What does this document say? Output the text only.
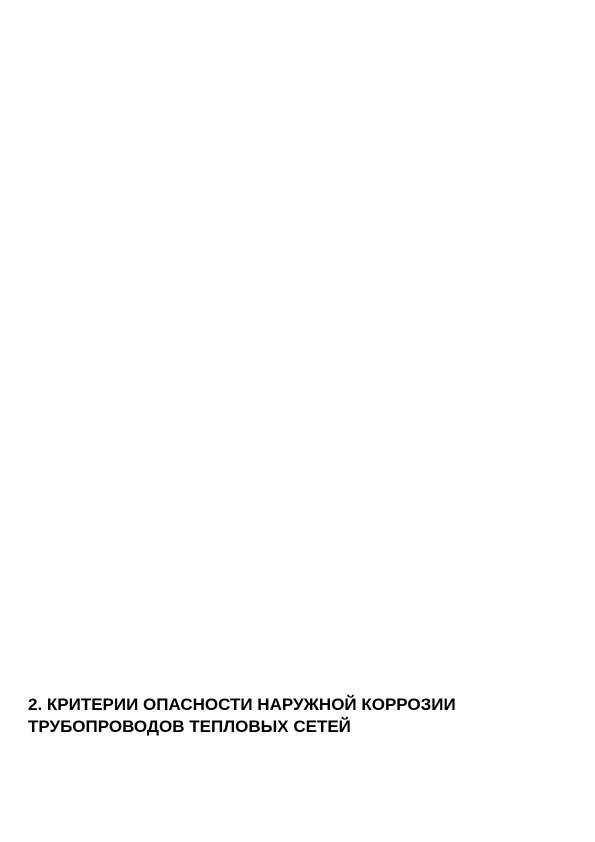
2. КРИТЕРИИ ОПАСНОСТИ НАРУЖНОЙ КОРРОЗИИ

ТРУБОПРОВОДОВ ТЕПЛОВЫХ СЕТЕЙ
